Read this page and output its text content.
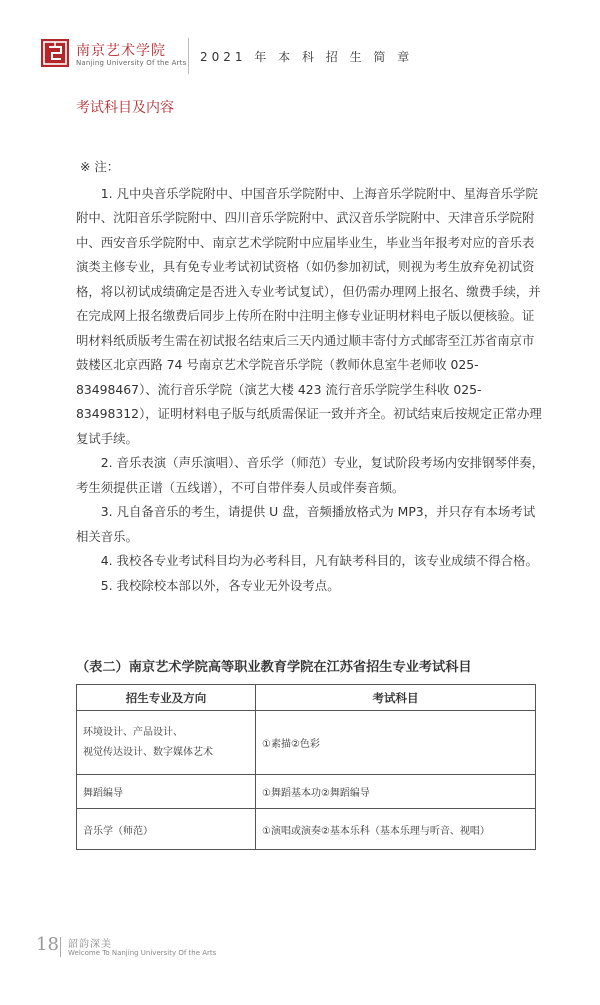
南京艺术学院
Nanjing University Of the Arts 2021 年 本 科 招 生 简 章
考试科目及内容

※ 注：

1. 凡中央音乐学院附中、中国音乐学院附中、上海音乐学院附中、星海音乐学院附中、沈阳音乐学院附中、四川音乐学院附中、武汉音乐学院附中、天津音乐学院附中、西安音乐学院附中、南京艺术学院附中应届毕业生，毕业当年报考对应的音乐表演类主修专业，具有免专业考试初试资格（如仍参加初试，则视为考生放弃免初试资格，将以初试成绩确定是否进入专业考试复试），但仍需办理网上报名、缴费手续，并在完成网上报名缴费后同步上传所在附中注明主修专业证明材料电子版以便核验。证明材料纸质版考生需在初试报名结束后三天内通过顺丰寄付方式邮寄至江苏省南京市鼓楼区北京西路 74 号南京艺术学院音乐学院（教师休息室牛老师收 025-83498467）、流行音乐学院（演艺大楼 423 流行音乐学院学生科收 025-83498312），证明材料电子版与纸质需保证一致并齐全。初试结束后按规定正常办理复试手续。

2. 音乐表演（声乐演唱）、音乐学（师范）专业，复试阶段考场内安排钢琴伴奏，考生须提供正谱（五线谱），不可自带伴奏人员或伴奏音频。

3. 凡自备音乐的考生，请提供 U 盘，音频播放格式为 MP3，并只存有本场考试相关音乐。

4. 我校各专业考试科目均为必考科目，凡有缺考科目的，该专业成绩不得合格。

5. 我校除校本部以外，各专业无外设考点。

（表二）南京艺术学院高等职业教育学院在江苏省招生专业考试科目
招生专业及方向	考试科目
环境设计、产品设计、
视觉传达设计、数字媒体艺术	①素描②色彩
舞蹈编导	①舞蹈基本功②舞蹈编导
音乐学（师范）	①演唱或演奏②基本乐科（基本乐理与听音、视唱）
18 韶韵深美
Welcome To Nanjing University Of the Arts
